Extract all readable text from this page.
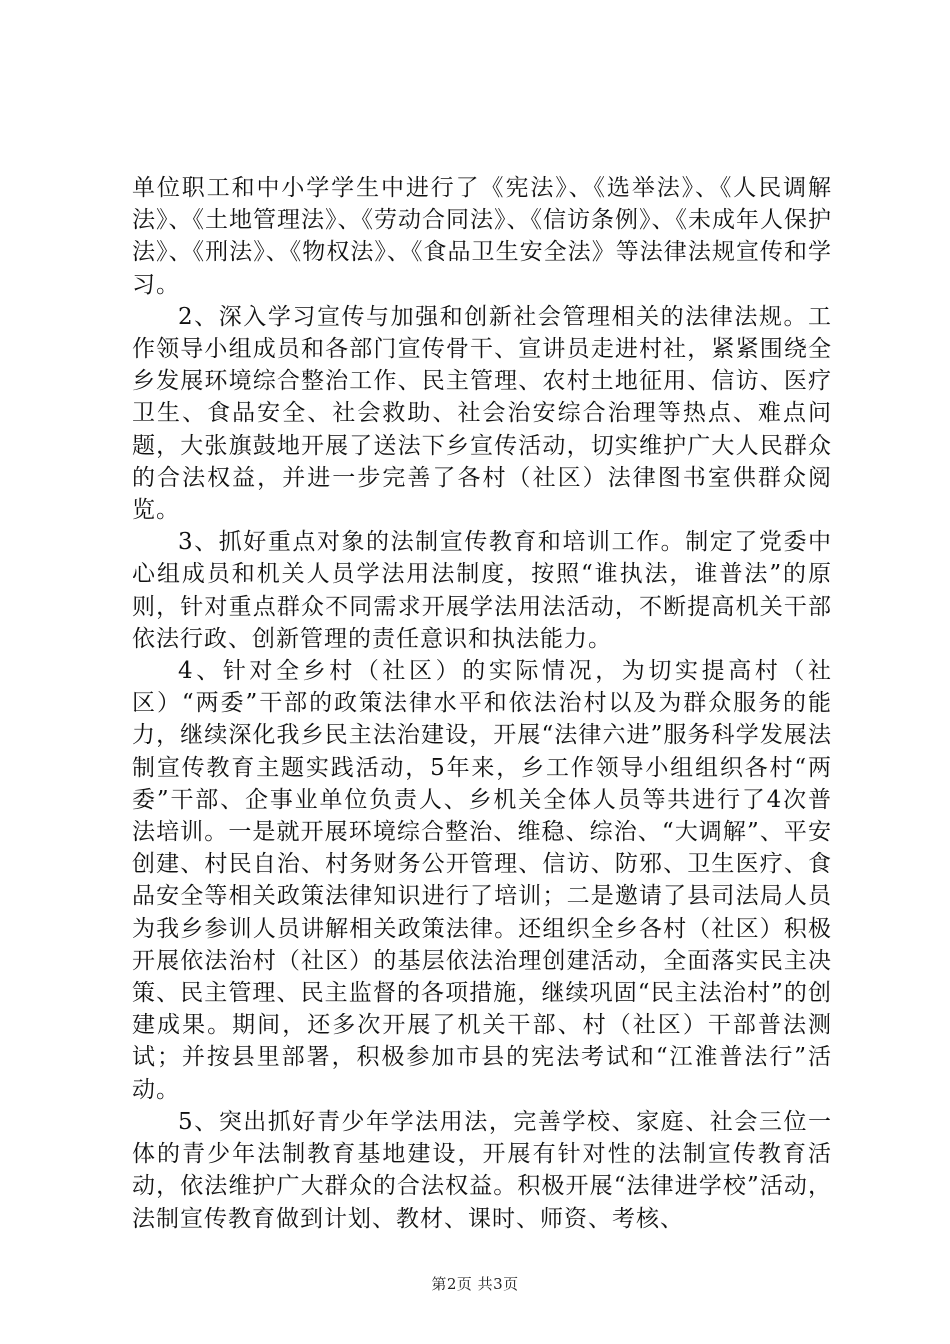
单位职工和中小学学生中进行了《宪法》、《选举法》、《人民调解法》、《土地管理法》、《劳动合同法》、《信访条例》、《未成年人保护法》、《刑法》、《物权法》、《食品卫生安全法》等法律法规宣传和学习。

2、深入学习宣传与加强和创新社会管理相关的法律法规。工作领导小组成员和各部门宣传骨干、宣讲员走进村社，紧紧围绕全乡发展环境综合整治工作、民主管理、农村土地征用、信访、医疗卫生、食品安全、社会救助、社会治安综合治理等热点、难点问题，大张旗鼓地开展了送法下乡宣传活动，切实维护广大人民群众的合法权益，并进一步完善了各村（社区）法律图书室供群众阅览。

3、抓好重点对象的法制宣传教育和培训工作。制定了党委中心组成员和机关人员学法用法制度，按照“谁执法，谁普法”的原则，针对重点群众不同需求开展学法用法活动，不断提高机关干部依法行政、创新管理的责任意识和执法能力。

4、针对全乡村（社区）的实际情况，为切实提高村（社区）“两委”干部的政策法律水平和依法治村以及为群众服务的能力，继续深化我乡民主法治建设，开展“法律六进”服务科学发展法制宣传教育主题实践活动，5年来，乡工作领导小组组织各村“两委”干部、企事业单位负责人、乡机关全体人员等共进行了4次普法培训。一是就开展环境综合整治、维稳、综治、“大调解”、平安创建、村民自治、村务财务公开管理、信访、防邪、卫生医疗、食品安全等相关政策法律知识进行了培训；二是邀请了县司法局人员为我乡参训人员讲解相关政策法律。还组织全乡各村（社区）积极开展依法治村（社区）的基层依法治理创建活动，全面落实民主决策、民主管理、民主监督的各项措施，继续巩固“民主法治村”的创建成果。期间，还多次开展了机关干部、村（社区）干部普法测试；并按县里部署，积极参加市县的宪法考试和“江淮普法行”活动。

5、突出抓好青少年学法用法，完善学校、家庭、社会三位一体的青少年法制教育基地建设，开展有针对性的法制宣传教育活动，依法维护广大群众的合法权益。积极开展“法律进学校”活动，法制宣传教育做到计划、教材、课时、师资、考核、

第2页 共3页
